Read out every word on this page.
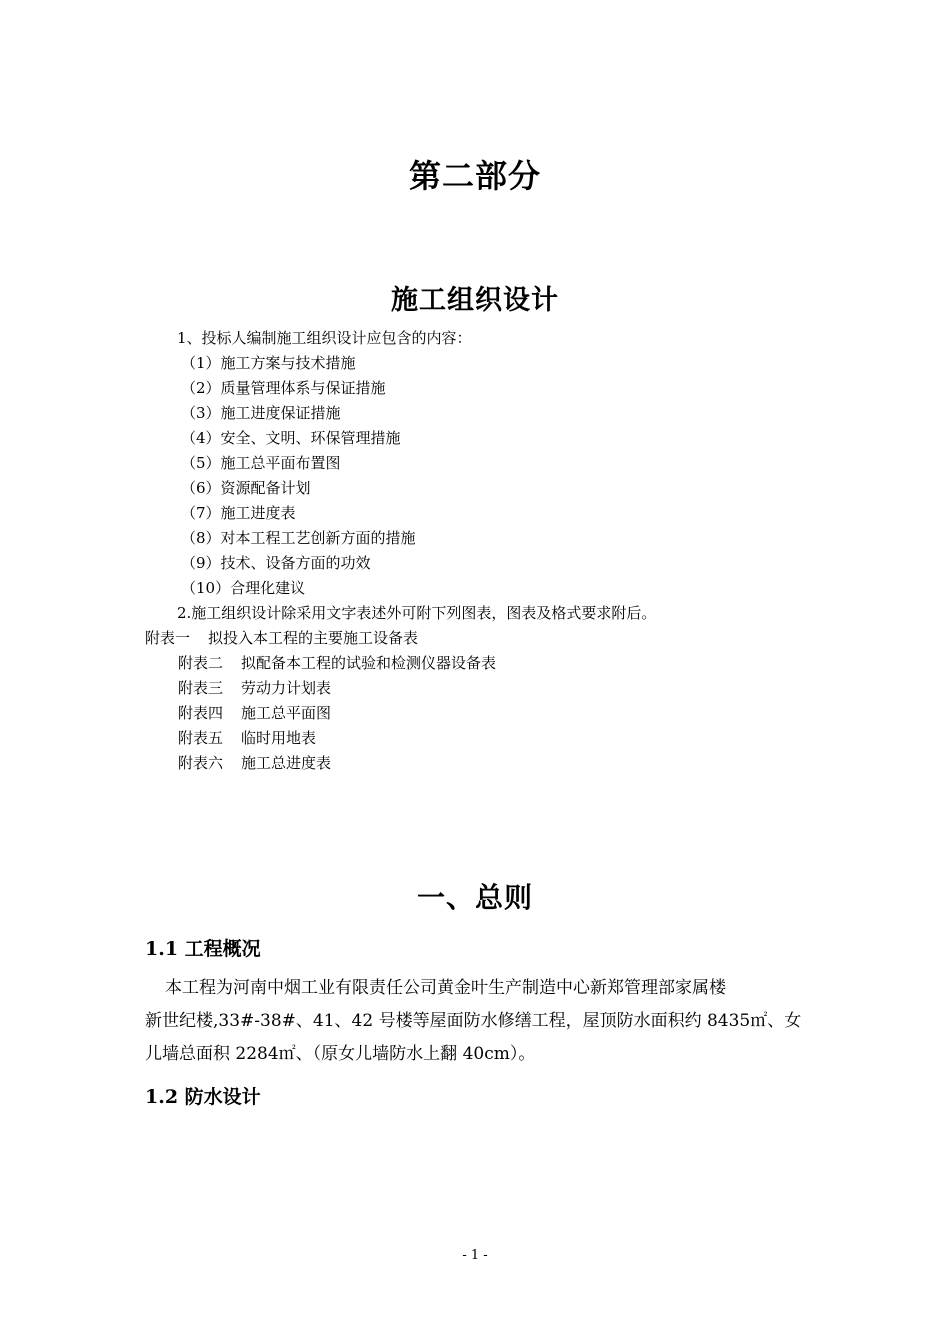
第二部分
施工组织设计
1、投标人编制施工组织设计应包含的内容：
（1）施工方案与技术措施
（2）质量管理体系与保证措施
（3）施工进度保证措施
（4）安全、文明、环保管理措施
（5）施工总平面布置图
（6）资源配备计划
（7）施工进度表
（8）对本工程工艺创新方面的措施
（9）技术、设备方面的功效
（10）合理化建议
2.施工组织设计除采用文字表述外可附下列图表，图表及格式要求附后。
附表一 拟投入本工程的主要施工设备表
附表二 拟配备本工程的试验和检测仪器设备表
附表三 劳动力计划表
附表四 施工总平面图
附表五 临时用地表
附表六 施工总进度表
一、总则
1.1 工程概况

本工程为河南中烟工业有限责任公司黄金叶生产制造中心新郑管理部家属楼
新世纪楼,33#-38#、41、42 号楼等屋面防水修缮工程，屋顶防水面积约 8435㎡、女
儿墙总面积 2284㎡、（原女儿墙防水上翻 40cm）。

1.2 防水设计
- 1 -
